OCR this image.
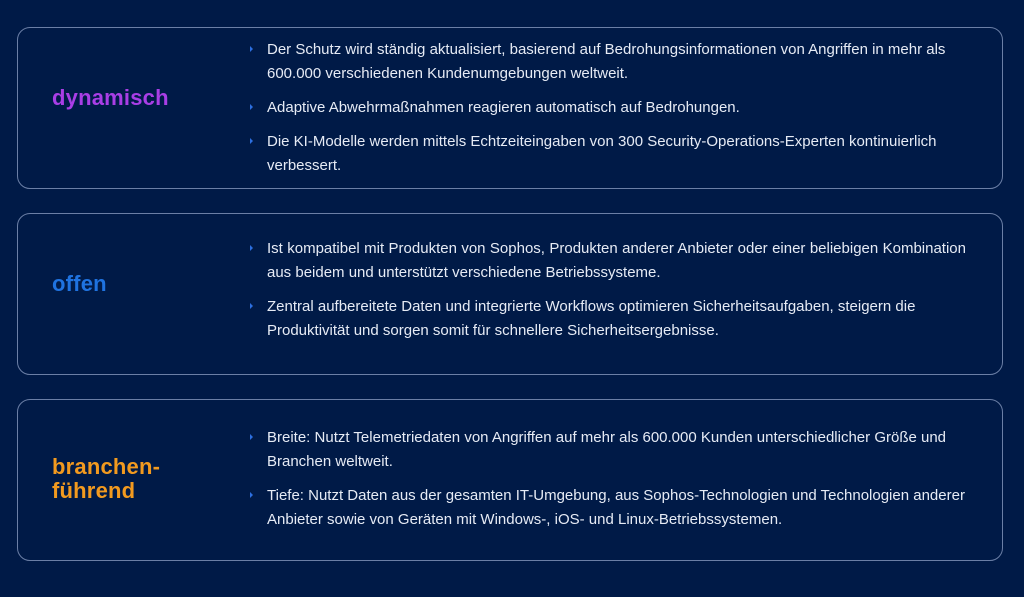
dynamisch
Der Schutz wird ständig aktualisiert, basierend auf Bedrohungsinformationen von Angriffen in mehr als 600.000 verschiedenen Kundenumgebungen weltweit.
Adaptive Abwehrmaßnahmen reagieren automatisch auf Bedrohungen.
Die KI-Modelle werden mittels Echtzeiteingaben von 300 Security-Operations-Experten kontinuierlich verbessert.
offen
Ist kompatibel mit Produkten von Sophos, Produkten anderer Anbieter oder einer beliebigen Kombination aus beidem und unterstützt verschiedene Betriebssysteme.
Zentral aufbereitete Daten und integrierte Workflows optimieren Sicherheitsaufgaben, steigern die Produktivität und sorgen somit für schnellere Sicherheitsergebnisse.
branchen-
führend
Breite: Nutzt Telemetriedaten von Angriffen auf mehr als 600.000 Kunden unterschiedlicher Größe und Branchen weltweit.
Tiefe: Nutzt Daten aus der gesamten IT-Umgebung, aus Sophos-Technologien und Technologien anderer Anbieter sowie von Geräten mit Windows-, iOS- und Linux-Betriebssystemen.
